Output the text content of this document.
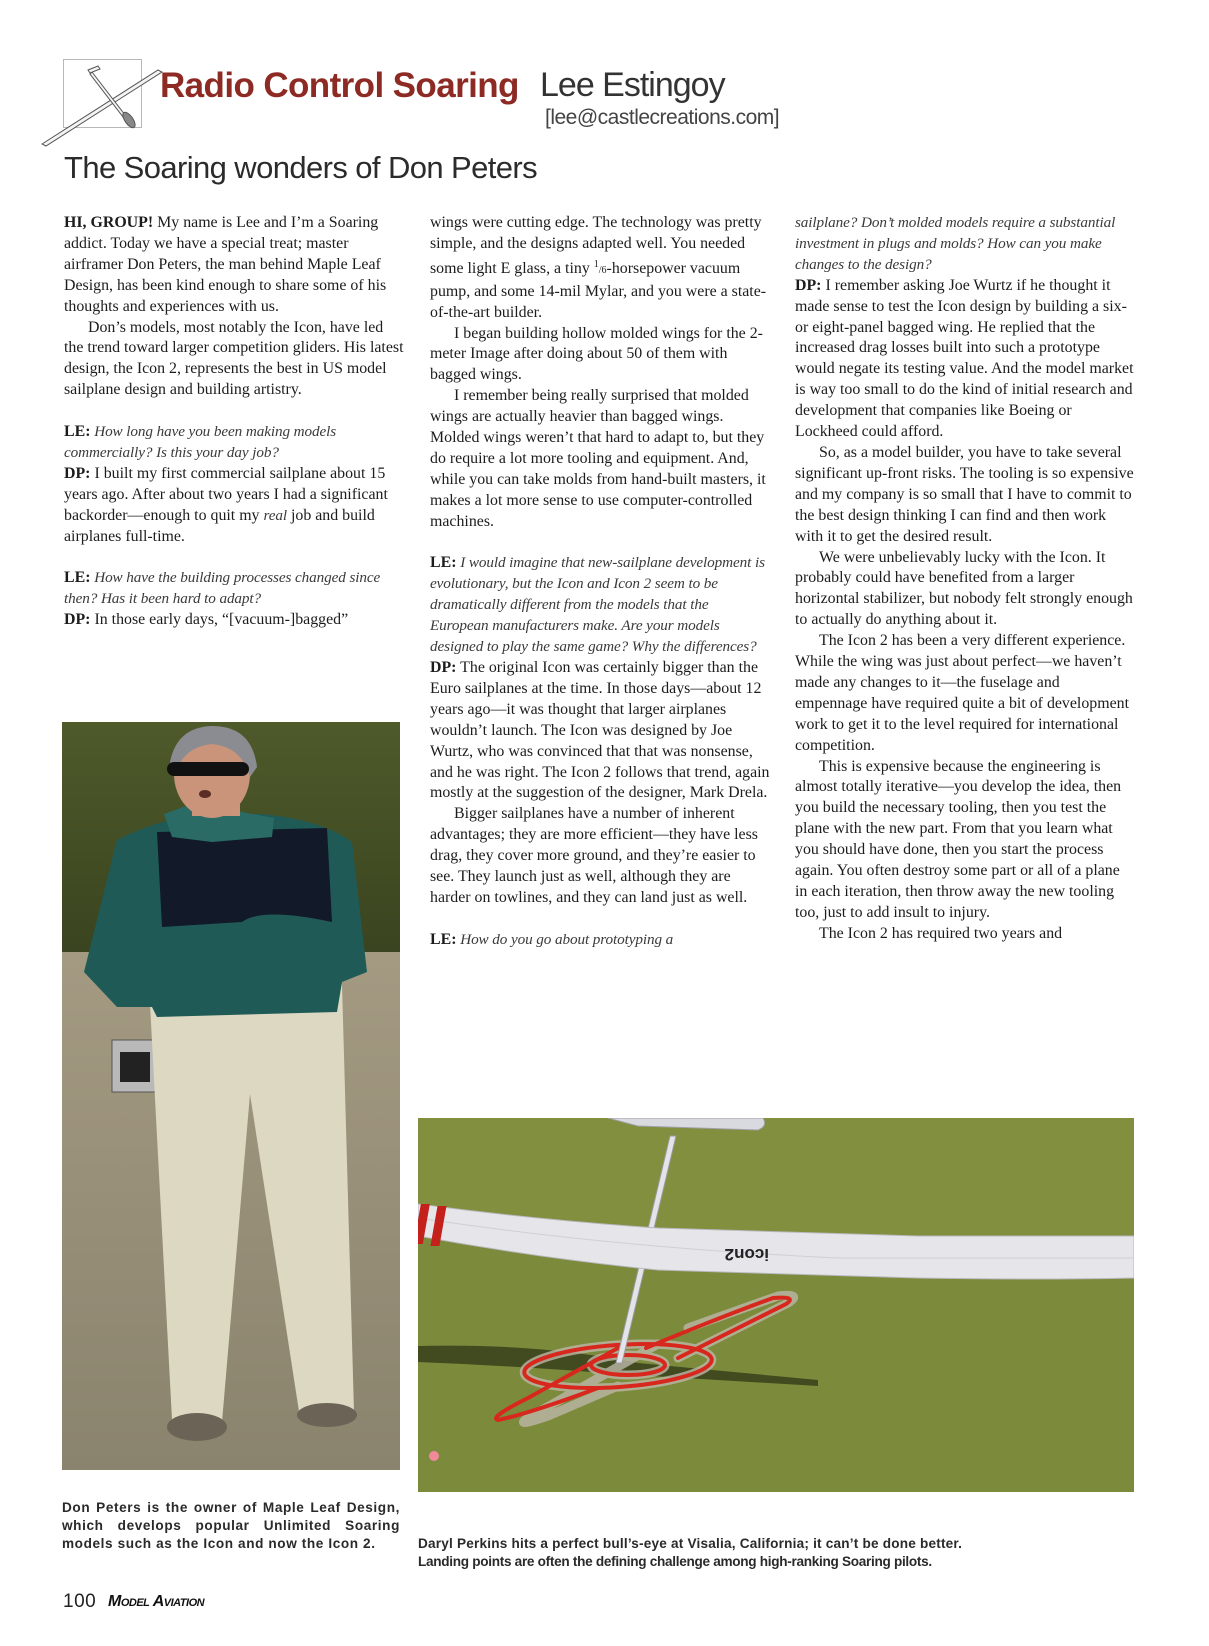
Radio Control Soaring Lee Estingoy
[lee@castlecreations.com]
The Soaring wonders of Don Peters

HI, GROUP! My name is Lee and I’m a Soaring addict. Today we have a special treat; master airframer Don Peters, the man behind Maple Leaf Design, has been kind enough to share some of his thoughts and experiences with us.

Don’s models, most notably the Icon, have led the trend toward larger competition gliders. His latest design, the Icon 2, represents the best in US model sailplane design and building artistry.

LE: How long have you been making models commercially? Is this your day job?

DP: I built my first commercial sailplane about 15 years ago. After about two years I had a significant backorder—enough to quit my real job and build airplanes full-time.

LE: How have the building processes changed since then? Has it been hard to adapt?

DP: In those early days, “[vacuum-]bagged”

wings were cutting edge. The technology was pretty simple, and the designs adapted well. You needed some light E glass, a tiny $^1$/6-horsepower vacuum pump, and some 14-mil Mylar, and you were a state-of-the-art builder.

I began building hollow molded wings for the 2-meter Image after doing about 50 of them with bagged wings.

I remember being really surprised that molded wings are actually heavier than bagged wings. Molded wings weren’t that hard to adapt to, but they do require a lot more tooling and equipment. And, while you can take molds from hand-built masters, it makes a lot more sense to use computer-controlled machines.

LE: I would imagine that new-sailplane development is evolutionary, but the Icon and Icon 2 seem to be dramatically different from the models that the European manufacturers make. Are your models designed to play the same game? Why the differences?

DP: The original Icon was certainly bigger than the Euro sailplanes at the time. In those days—about 12 years ago—it was thought that larger airplanes wouldn’t launch. The Icon was designed by Joe Wurtz, who was convinced that that was nonsense, and he was right. The Icon 2 follows that trend, again mostly at the suggestion of the designer, Mark Drela.

Bigger sailplanes have a number of inherent advantages; they are more efficient—they have less drag, they cover more ground, and they’re easier to see. They launch just as well, although they are harder on towlines, and they can land just as well.

LE: How do you go about prototyping a

sailplane? Don’t molded models require a substantial investment in plugs and molds? How can you make changes to the design?

DP: I remember asking Joe Wurtz if he thought it made sense to test the Icon design by building a six- or eight-panel bagged wing. He replied that the increased drag losses built into such a prototype would negate its testing value. And the model market is way too small to do the kind of initial research and development that companies like Boeing or Lockheed could afford.

So, as a model builder, you have to take several significant up-front risks. The tooling is so expensive and my company is so small that I have to commit to the best design thinking I can find and then work with it to get the desired result.

We were unbelievably lucky with the Icon. It probably could have benefited from a larger horizontal stabilizer, but nobody felt strongly enough to actually do anything about it.

The Icon 2 has been a very different experience. While the wing was just about perfect—we haven’t made any changes to it—the fuselage and empennage have required quite a bit of development work to get it to the level required for international competition.

This is expensive because the engineering is almost totally iterative—you develop the idea, then you build the necessary tooling, then you test the plane with the new part. From that you learn what you should have done, then you start the process again. You often destroy some part or all of a plane in each iteration, then throw away the new tooling too, just to add insult to injury.

The Icon 2 has required two years and

icon2
Don Peters is the owner of Maple Leaf Design, which develops popular Unlimited Soaring models such as the Icon and now the Icon 2.	Daryl Perkins hits a perfect bull’s-eye at Visalia, California; it can’t be done better.
Landing points are often the defining challenge among high-ranking Soaring pilots.
100 Model Aviation
